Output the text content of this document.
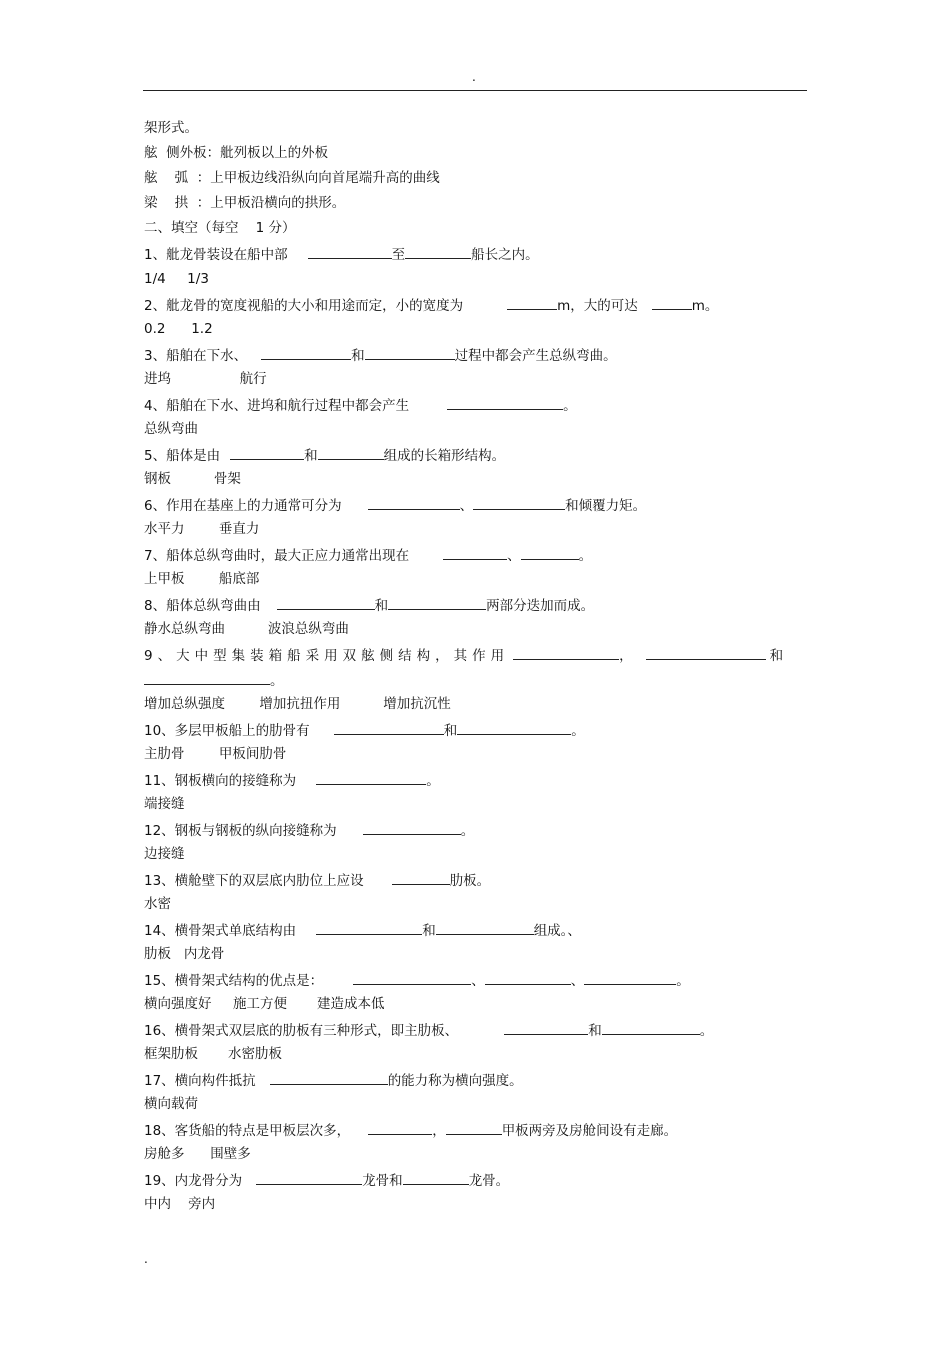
.
架形式。
舷  侧外板：舭列板以上的外板
舷    弧  ：上甲板边线沿纵向向首尾端升高的曲线
梁    拱  ：上甲板沿横向的拱形。
二、填空（每空    1 分）
1、舭龙骨装设在船中部	至	船长之内。
1/4     1/3
2、舭龙骨的宽度视船的大小和用途而定，小的宽度为	m，大的可达	m。
0.2      1.2
3、船舶在下水、	和	过程中都会产生总纵弯曲。
进坞                航行
4、船舶在下水、进坞和航行过程中都会产生	。
总纵弯曲
5、船体是由	和	组成的长箱形结构。
钢板          骨架
6、作用在基座上的力通常可分为	、	和倾覆力矩。
水平力        垂直力
7、船体总纵弯曲时，最大正应力通常出现在	、	。
上甲板        船底部
8、船体总纵弯曲由	和	两部分迭加而成。
静水总纵弯曲          波浪总纵弯曲
9、大中型集装箱船采用双舷侧结构，其作用	，	和
。
增加总纵强度        增加抗扭作用          增加抗沉性
10、多层甲板船上的肋骨有	和	。
主肋骨        甲板间肋骨
11、钢板横向的接缝称为	。
端接缝
12、钢板与钢板的纵向接缝称为	。
边接缝
13、横舱壁下的双层底内肋位上应设	肋板。
水密
14、横骨架式单底结构由	和	组成。、
肋板   内龙骨
15、横骨架式结构的优点是：	、	、	。
横向强度好     施工方便       建造成本低
16、横骨架式双层底的肋板有三种形式，即主肋板、	和	。
框架肋板       水密肋板
17、横向构件抵抗	的能力称为横向强度。
横向载荷
18、客货船的特点是甲板层次多，	，	甲板两旁及房舱间设有走廊。
房舱多      围壁多
19、内龙骨分为	龙骨和	龙骨。
中内    旁内
.
